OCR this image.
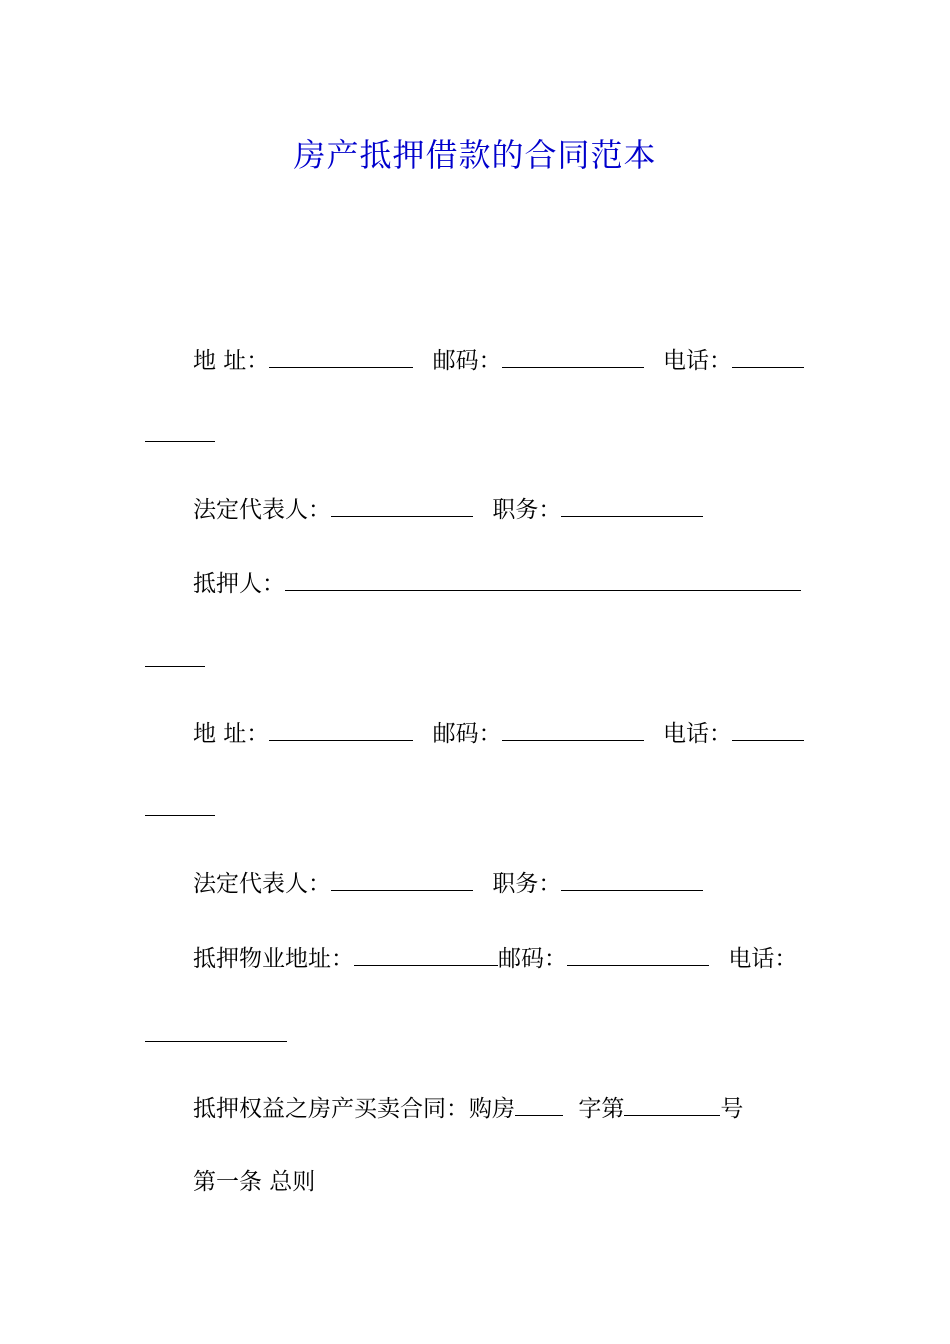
房产抵押借款的合同范本
地 址：	邮码：	电话：
法定代表人：	职务：
抵押人：
地 址：	邮码：	电话：
法定代表人：	职务：
抵押物业地址：	邮码：	电话：
抵押权益之房产买卖合同：购房	字第	号
第一条 总则
